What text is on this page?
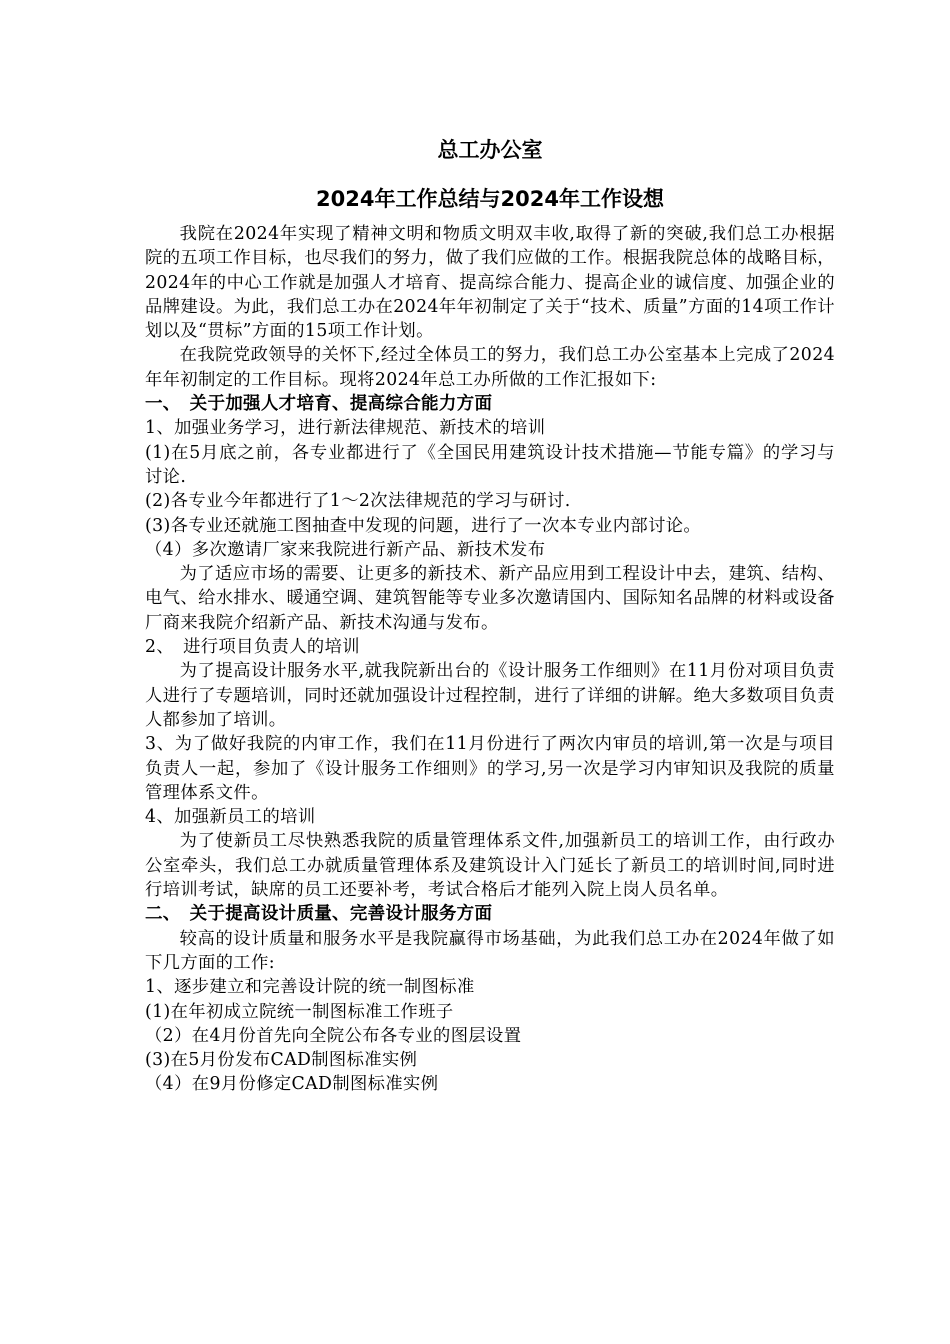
总工办公室
2024年工作总结与2024年工作设想

我院在2024年实现了精神文明和物质文明双丰收,取得了新的突破,我们总工办根据院的五项工作目标，也尽我们的努力，做了我们应做的工作。根据我院总体的战略目标，2024年的中心工作就是加强人才培育、提高综合能力、提高企业的诚信度、加强企业的品牌建设。为此，我们总工办在2024年年初制定了关于“技术、质量”方面的14项工作计划以及“贯标”方面的15项工作计划。

在我院党政领导的关怀下,经过全体员工的努力，我们总工办公室基本上完成了2024年年初制定的工作目标。现将2024年总工办所做的工作汇报如下:

一、　关于加强人才培育、提高综合能力方面

1、加强业务学习，进行新法律规范、新技术的培训

(1)在5月底之前，各专业都进行了《全国民用建筑设计技术措施—节能专篇》的学习与讨论.

(2)各专业今年都进行了1～2次法律规范的学习与研讨.

(3)各专业还就施工图抽查中发现的问题，进行了一次本专业内部讨论。

（4）多次邀请厂家来我院进行新产品、新技术发布

为了适应市场的需要、让更多的新技术、新产品应用到工程设计中去，建筑、结构、电气、给水排水、暖通空调、建筑智能等专业多次邀请国内、国际知名品牌的材料或设备厂商来我院介绍新产品、新技术沟通与发布。

2、　进行项目负责人的培训

为了提高设计服务水平,就我院新出台的《设计服务工作细则》在11月份对项目负责人进行了专题培训，同时还就加强设计过程控制，进行了详细的讲解。绝大多数项目负责人都参加了培训。

3、为了做好我院的内审工作，我们在11月份进行了两次内审员的培训,第一次是与项目负责人一起，参加了《设计服务工作细则》的学习,另一次是学习内审知识及我院的质量管理体系文件。

4、加强新员工的培训

为了使新员工尽快熟悉我院的质量管理体系文件,加强新员工的培训工作，由行政办公室牵头，我们总工办就质量管理体系及建筑设计入门延长了新员工的培训时间,同时进行培训考试，缺席的员工还要补考，考试合格后才能列入院上岗人员名单。

二、　关于提高设计质量、完善设计服务方面

较高的设计质量和服务水平是我院赢得市场基础，为此我们总工办在2024年做了如下几方面的工作:

1、逐步建立和完善设计院的统一制图标准

(1)在年初成立院统一制图标准工作班子

（2）在4月份首先向全院公布各专业的图层设置

(3)在5月份发布CAD制图标准实例

（4）在9月份修定CAD制图标准实例
